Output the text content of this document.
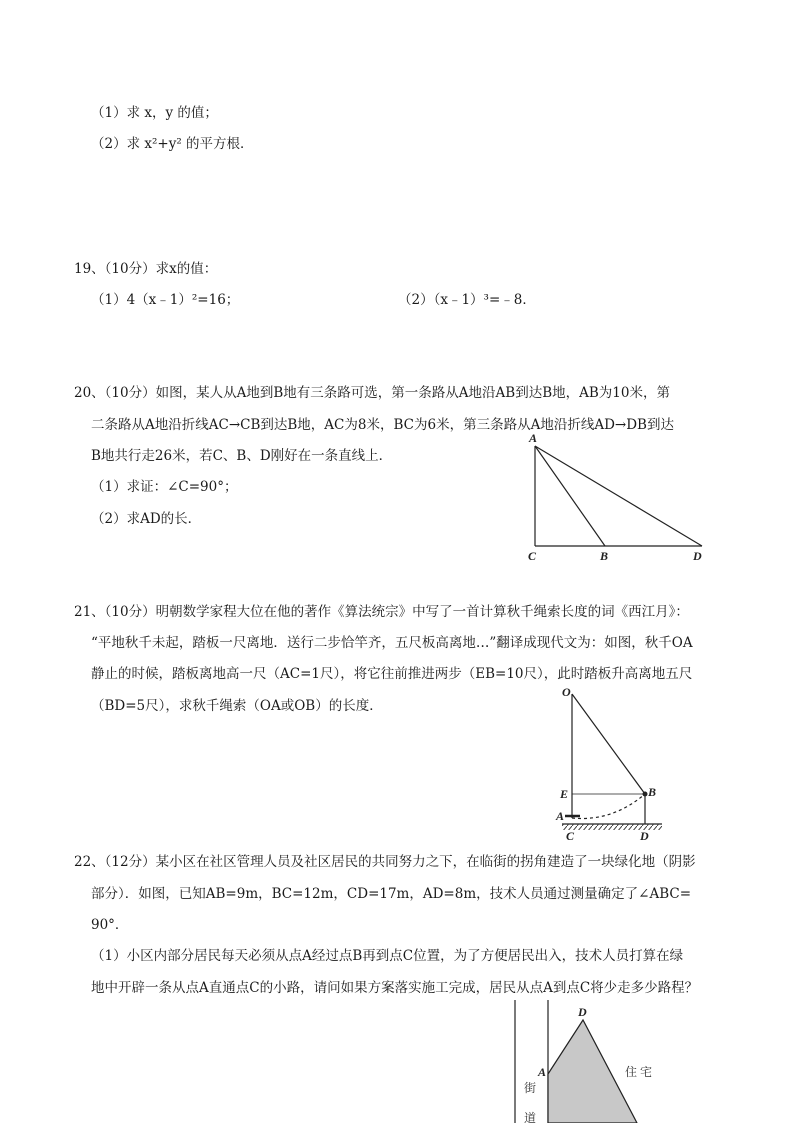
（1）求 x，y 的值；
（2）求 x²+y² 的平方根．
19、（10分）求x的值：
（1）4（x﹣1）²=16；	（2）（x﹣1）³=﹣8．
20、（10分）如图，某人从A地到B地有三条路可选，第一条路从A地沿AB到达B地，AB为10米，第
二条路从A地沿折线AC→CB到达B地，AC为8米，BC为6米，第三条路从A地沿折线AD→DB到达
B地共行走26米，若C、B、D刚好在一条直线上．
（1）求证：∠C=90°；
（2）求AD的长．
A
C	B	D
21、（10分）明朝数学家程大位在他的著作《算法统宗》中写了一首计算秋千绳索长度的词《西江月》：
“平地秋千未起，踏板一尺离地．送行二步恰竿齐，五尺板高离地…”翻译成现代文为：如图，秋千OA
静止的时候，踏板离地高一尺（AC=1尺），将它往前推进两步（EB=10尺），此时踏板升高离地五尺
（BD=5尺），求秋千绳索（OA或OB）的长度．
O
E	B
A
C	D
22、（12分）某小区在社区管理人员及社区居民的共同努力之下，在临街的拐角建造了一块绿化地（阴影
部分）．如图，已知AB=9m，BC=12m，CD=17m，AD=8m，技术人员通过测量确定了∠ABC=
90°．
（1）小区内部分居民每天必须从点A经过点B再到点C位置，为了方便居民出入，技术人员打算在绿
地中开辟一条从点A直通点C的小路，请问如果方案落实施工完成，居民从点A到点C将少走多少路程？
D
A
街
道
住 宅
